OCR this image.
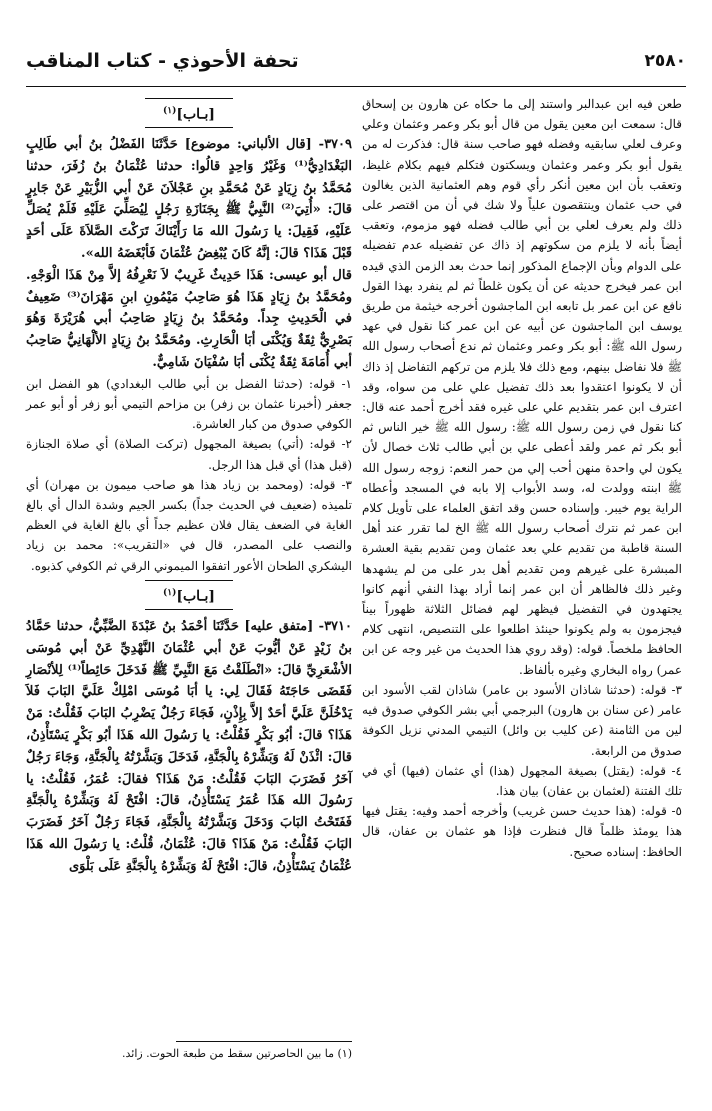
تحفة الأحوذي - كتاب المناقب	٢٥٨٠

طعن فيه ابن عبدالبر واستند إلى ما حكاه عن هارون بن إسحاق قال: سمعت ابن معين يقول من قال أبو بكر وعمر وعثمان وعلي وعرف لعلي سابقيه وفضله فهو صاحب سنة قال: فذكرت له من يقول أبو بكر وعمر وعثمان ويسكتون فتكلم فيهم بكلام غليظ، وتعقب بأن ابن معين أنكر رأي قوم وهم العثمانية الذين يغالون في حب عثمان وينتقصون علياً ولا شك في أن من اقتصر على ذلك ولم يعرف لعلي بن أبي طالب فضله فهو مزموم، وتعقب أيضاً بأنه لا يلزم من سكوتهم إذ ذاك عن تفضيله عدم تفضيله على الدوام وبأن الإجماع المذكور إنما حدث بعد الزمن الذي قيده ابن عمر فيخرج حديثه عن أن يكون غلطاً ثم لم ينفرد بهذا القول نافع عن ابن عمر بل تابعه ابن الماجشون أخرجه خيثمة من طريق يوسف ابن الماجشون عن أبيه عن ابن عمر كنا نقول في عهد رسول الله ﷺ: أبو بكر وعمر وعثمان ثم ندع أصحاب رسول الله ﷺ فلا نفاضل بينهم، ومع ذلك فلا يلزم من تركهم التفاضل إذ ذاك أن لا يكونوا اعتقدوا بعد ذلك تفضيل علي على من سواه، وقد اعترف ابن عمر بتقديم علي على غيره فقد أخرج أحمد عنه قال: كنا نقول في زمن رسول الله ﷺ: رسول الله ﷺ خير الناس ثم أبو بكر ثم عمر ولقد أعطى علي بن أبي طالب ثلاث خصال لأن يكون لي واحدة منهن أحب إلي من حمر النعم: زوجه رسول الله ﷺ ابنته وولدت له، وسد الأبواب إلا بابه في المسجد وأعطاه الراية يوم خيبر. وإسناده حسن وقد اتفق العلماء على تأويل كلام ابن عمر ثم نترك أصحاب رسول الله ﷺ الخ لما تقرر عند أهل السنة قاطبة من تقديم علي بعد عثمان ومن تقديم بقية العشرة المبشرة على غيرهم ومن تقديم أهل بدر على من لم يشهدها وغير ذلك فالظاهر أن ابن عمر إنما أراد بهذا النفي أنهم كانوا يجتهدون في التفضيل فيظهر لهم فضائل الثلاثة ظهوراً بيناً فيجزمون به ولم يكونوا حينئذ اطلعوا على التنصيص، انتهى كلام الحافظ ملخصاً. قوله: (وقد روي هذا الحديث من غير وجه عن ابن عمر) رواه البخاري وغيره بألفاظ.

٣- قوله: (حدثنا شاذان الأسود بن عامر) شاذان لقب الأسود ابن عامر (عن سنان بن هارون) البرجمي أبي بشر الكوفي صدوق فيه لين من الثامنة (عن كليب بن وائل) التيمي المدني نزيل الكوفة صدوق من الرابعة.

٤- قوله: (يقتل) بصيغة المجهول (هذا) أي عثمان (فيها) أي في تلك الفتنة (لعثمان بن عفان) بيان هذا.

٥- قوله: (هذا حديث حسن غريب) وأخرجه أحمد وفيه: يقتل فيها هذا يومئذ ظلماً قال فنظرت فإذا هو عثمان بن عفان، قال الحافظ: إسناده صحيح.

[بـاب]$^{(١)}$

٣٧٠٩- [قال الألباني: موضوع] حَدَّثَنَا الفَضْلُ بنُ أبي طَالِبٍ البَغْدَادِيُّ⁽¹⁾ وَغَيْرُ وَاحِدٍ قالُوا: حدثنا عُثْمَانُ بنُ زُفَرَ، حدثنا مُحَمَّدُ بنُ زِيَادٍ عَنْ مُحَمَّدِ بنِ عَجْلاَنَ عَنْ أبي الزُّبَيْرِ عَنْ جَابِرٍ قالَ: «أُتِيَ⁽²⁾ النَّبِيُّ ﷺ بِجَنَازَةِ رَجُلٍ لِيُصَلِّيَ عَلَيْهِ فَلَمْ يُصَلِّ عَلَيْهِ، فَقِيلَ: يا رَسُولَ الله مَا رَأَيْنَاكَ تَرَكْتَ الصَّلاَةَ عَلَى أحَدٍ قَبْلَ هَذَا؟ قالَ: إنَّهُ كَانَ يُبْغِضُ عُثْمَانَ فَأبْغَضَهُ الله».

قال أبو عيسى: هَذَا حَدِيثٌ غَرِيبٌ لاَ نَعْرِفُهُ إلاَّ مِنْ هَذَا الْوَجْهِ. ومُحَمَّدُ بنُ زِيَادٍ هَذَا هُوَ صَاحِبُ مَيْمُونِ ابنِ مَهْرَانَ⁽³⁾ ضَعِيفٌ في الْحَدِيثِ جِداً. ومُحَمَّدُ بنُ زِيَادٍ صَاحِبُ أبي هُرَيْرَةَ وَهُوَ بَصْرِيٌّ ثِقَةٌ وَيُكْنَى أبَا الْحَارِثِ. ومُحَمَّدُ بنُ زِيَادٍ الألْهَانِيُّ صَاحِبُ أبي أُمَامَةَ ثِقَةٌ يُكْنَى أبَا سُفْيَانَ شَامِيٌّ.

١- قوله: (حدثنا الفضل بن أبي طالب البغدادي) هو الفضل ابن جعفر (أخبرنا عثمان بن زفر) بن مزاحم التيمي أبو زفر أو أبو عمر الكوفي صدوق من كبار العاشرة.

٢- قوله: (أتي) بصيغة المجهول (تركت الصلاة) أي صلاة الجنازة (قبل هذا) أي قبل هذا الرجل.

٣- قوله: (ومحمد بن زياد هذا هو صاحب ميمون بن مهران) أي تلميذه (ضعيف في الحديث جداً) بكسر الجيم وشدة الدال أي بالغ الغاية في الضعف يقال فلان عظيم جداً أي بالغ الغاية في العظم والنصب على المصدر، قال في «التقريب»: محمد بن زياد اليشكري الطحان الأعور اتفقوا الميموني الرقي ثم الكوفي كذبوه.

[بـاب]$^{(١)}$

٣٧١٠- [متفق عليه] حَدَّثَنَا أحْمَدُ بنُ عَبْدَةَ الضَّبِّيُّ، حدثنا حَمَّادُ بنُ زَيْدٍ عَنْ أيُّوبَ عَنْ أبي عُثْمَانَ النَّهْدِيِّ عَنْ أبي مُوسَى الأشْعَرِيِّ قالَ: «انْطَلَقْتُ مَعَ النَّبِيِّ ﷺ فَدَخَلَ حَائِطاً⁽¹⁾ لِلأنْصَارِ فَقَضَى حَاجَتَهُ فَقَالَ لِي: يا أبَا مُوسَى امْلِكْ عَلَيَّ البَابَ فَلاَ يَدْخُلَنَّ عَلَيَّ أحَدٌ إلاَّ بِإِذْنٍ، فَجَاءَ رَجُلٌ يَضْرِبُ البَابَ فَقُلْتُ: مَنْ هَذَا؟ قالَ: أبُو بَكْرٍ فَقُلْتُ: يا رَسُولَ الله هَذَا أبُو بَكْرٍ يَسْتَأْذِنُ، قالَ: ائْذَنْ لَهُ وَبَشِّرْهُ بِالْجَنَّةِ، فَدَخَلَ وَبَشَّرْتُهُ بِالْجَنَّةِ، وَجَاءَ رَجُلٌ آخَرُ فَضَرَبَ البَابَ فَقُلْتُ: مَنْ هَذَا؟ فقالَ: عُمَرُ، فَقُلْتُ: يا رَسُولَ الله هَذَا عُمَرُ يَسْتَأْذِنُ، قالَ: افْتَحْ لَهُ وَبَشِّرْهُ بِالْجَنَّةِ فَفَتَحْتُ البَابَ وَدَخَلَ وَبَشَّرْتُهُ بِالْجَنَّةِ، فَجَاءَ رَجُلٌ آخَرُ فَضَرَبَ البَابَ فَقُلْتُ: مَنْ هَذَا؟ قالَ: عُثْمَانُ، قُلْتُ: يا رَسُولَ الله هَذَا عُثْمَانُ يَسْتَأْذِنُ، قالَ: افْتَحْ لَهُ وَبَشِّرْهُ بِالْجَنَّةِ عَلَى بَلْوَى

(١) ما بين الحاصرتين سقط من طبعة الحوت. زائد.
